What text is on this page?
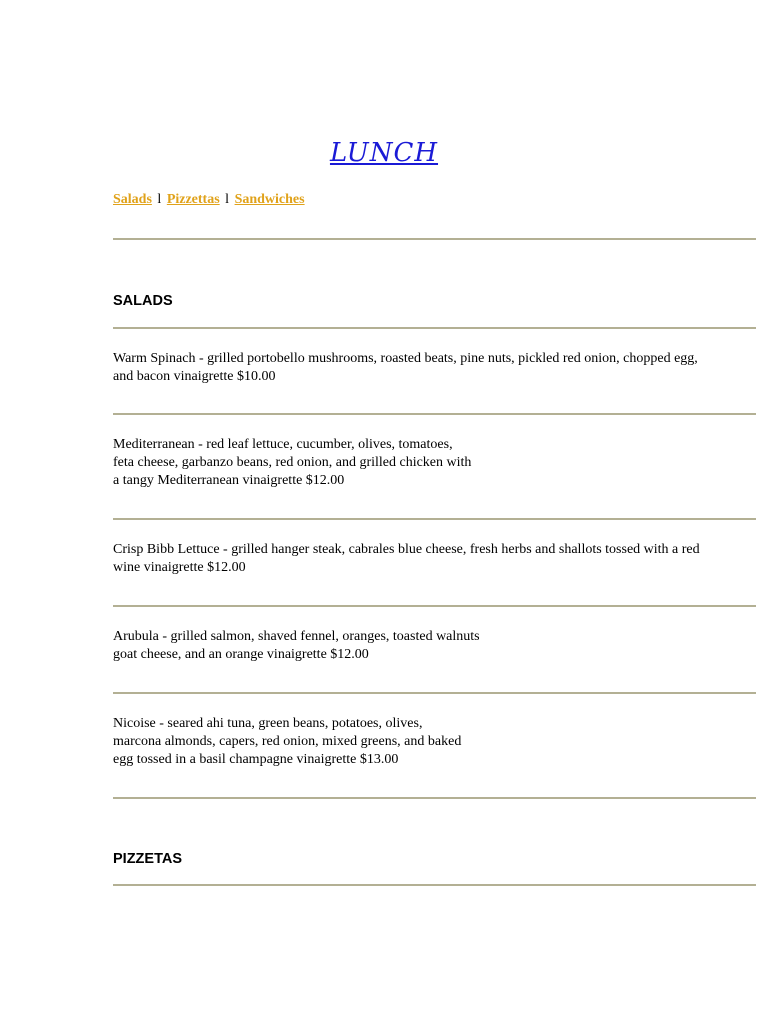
LUNCH
Salads l Pizzettas l Sandwiches
SALADS

Warm Spinach - grilled portobello mushrooms, roasted beats, pine nuts, pickled red onion, chopped egg,
and bacon vinaigrette $10.00

Mediterranean - red leaf lettuce, cucumber, olives, tomatoes,
feta cheese, garbanzo beans, red onion, and grilled chicken with
a tangy Mediterranean vinaigrette $12.00

Crisp Bibb Lettuce - grilled hanger steak, cabrales blue cheese, fresh herbs and shallots tossed with a red
wine vinaigrette $12.00

Arubula - grilled salmon, shaved fennel, oranges, toasted walnuts
goat cheese, and an orange vinaigrette $12.00

Nicoise - seared ahi tuna, green beans, potatoes, olives,
marcona almonds, capers, red onion, mixed greens, and baked
egg tossed in a basil champagne vinaigrette $13.00

PIZZETAS
